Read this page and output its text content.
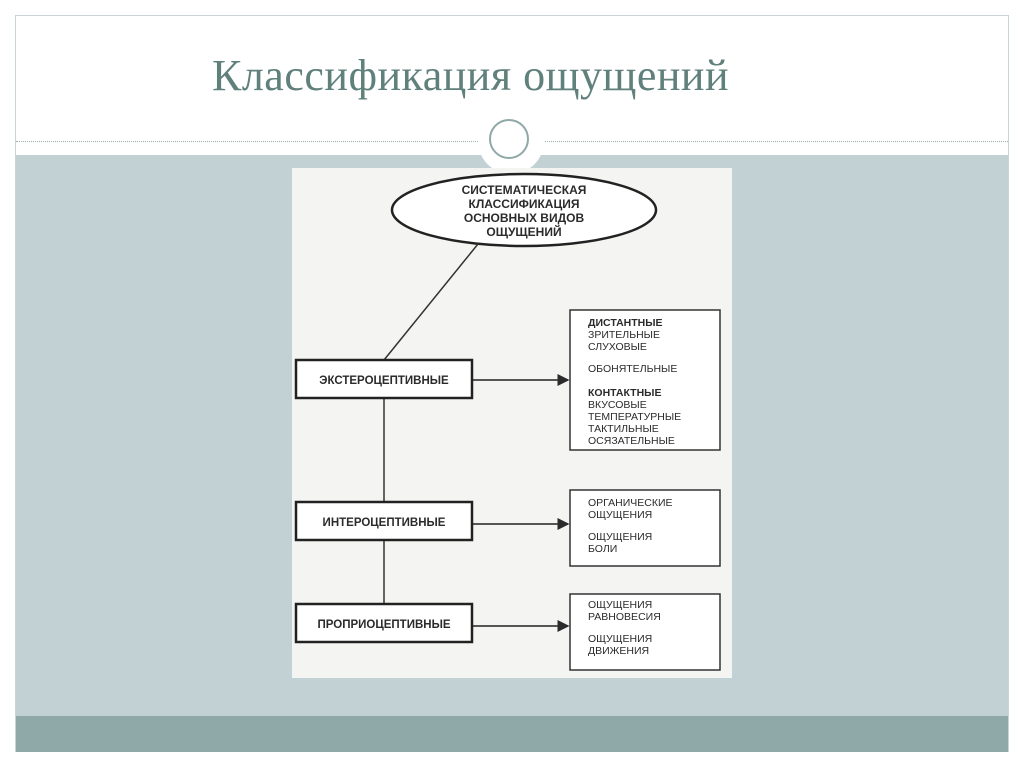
Классификация ощущений
СИСТЕМАТИЧЕСКАЯ
КЛАССИФИКАЦИЯ
ОСНОВНЫХ ВИДОВ
ОЩУЩЕНИЙ
ЭКСТЕРОЦЕПТИВНЫЕ
ИНТЕРОЦЕПТИВНЫЕ
ПРОПРИОЦЕПТИВНЫЕ
ДИСТАНТНЫЕ
ЗРИТЕЛЬНЫЕ
СЛУХОВЫЕ
ОБОНЯТЕЛЬНЫЕ
КОНТАКТНЫЕ
ВКУСОВЫЕ
ТЕМПЕРАТУРНЫЕ
ТАКТИЛЬНЫЕ
ОСЯЗАТЕЛЬНЫЕ
ОРГАНИЧЕСКИЕ
ОЩУЩЕНИЯ
ОЩУЩЕНИЯ
БОЛИ
ОЩУЩЕНИЯ
РАВНОВЕСИЯ
ОЩУЩЕНИЯ
ДВИЖЕНИЯ
